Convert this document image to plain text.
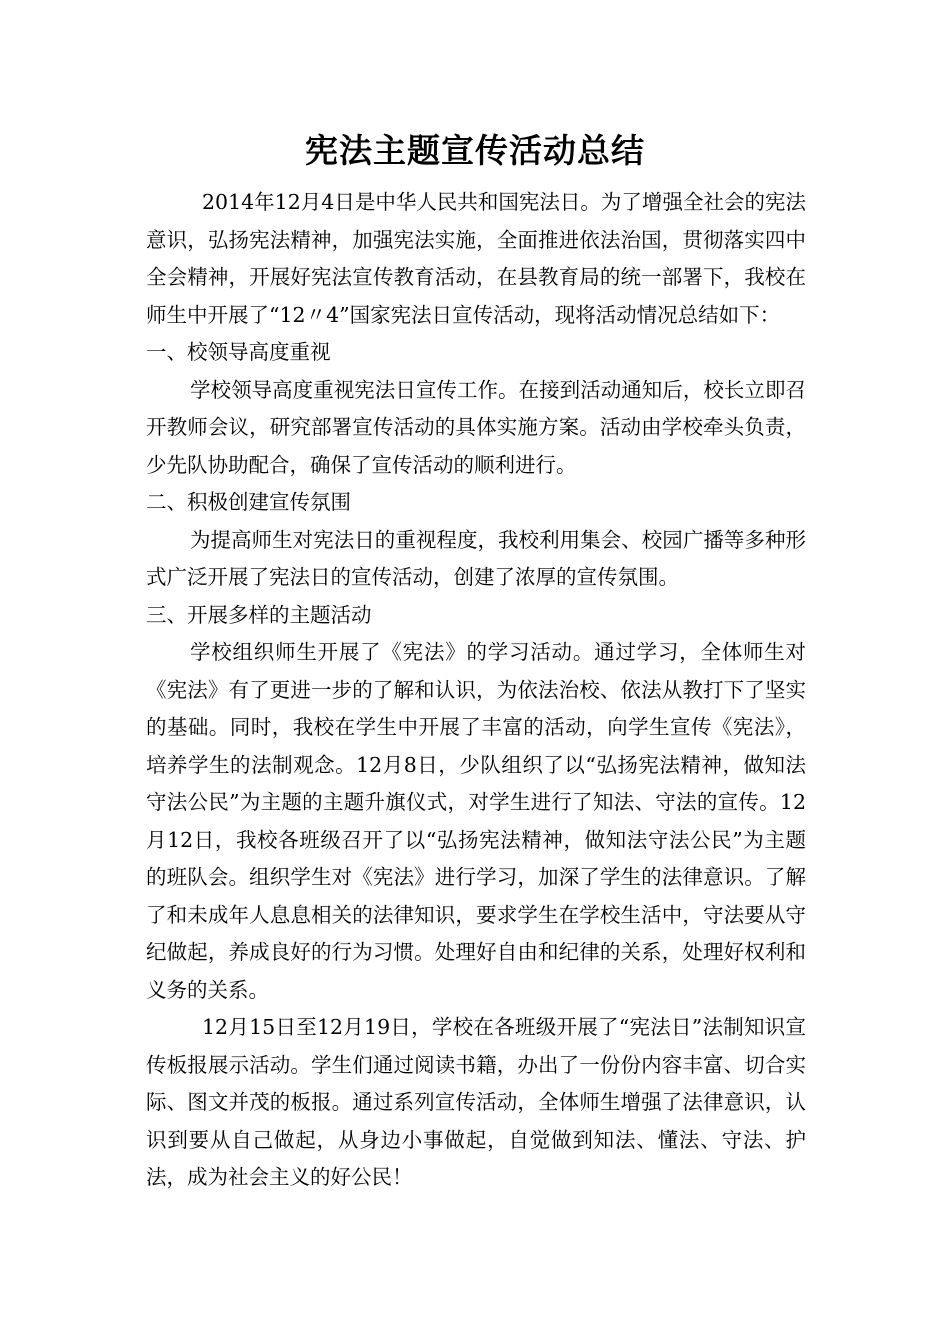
宪法主题宣传活动总结

2014年12月4日是中华人民共和国宪法日。为了增强全社会的宪法意识，弘扬宪法精神，加强宪法实施，全面推进依法治国，贯彻落实四中全会精神，开展好宪法宣传教育活动，在县教育局的统一部署下，我校在师生中开展了“12〃4”国家宪法日宣传活动，现将活动情况总结如下：

一、校领导高度重视

学校领导高度重视宪法日宣传工作。在接到活动通知后，校长立即召开教师会议，研究部署宣传活动的具体实施方案。活动由学校牵头负责，少先队协助配合，确保了宣传活动的顺利进行。

二、积极创建宣传氛围

为提高师生对宪法日的重视程度，我校利用集会、校园广播等多种形式广泛开展了宪法日的宣传活动，创建了浓厚的宣传氛围。

三、开展多样的主题活动

学校组织师生开展了《宪法》的学习活动。通过学习，全体师生对《宪法》有了更进一步的了解和认识，为依法治校、依法从教打下了坚实的基础。同时，我校在学生中开展了丰富的活动，向学生宣传《宪法》，培养学生的法制观念。12月8日，少队组织了以“弘扬宪法精神，做知法守法公民”为主题的主题升旗仪式，对学生进行了知法、守法的宣传。12月12日，我校各班级召开了以“弘扬宪法精神，做知法守法公民”为主题的班队会。组织学生对《宪法》进行学习，加深了学生的法律意识。了解了和未成年人息息相关的法律知识，要求学生在学校生活中，守法要从守纪做起，养成良好的行为习惯。处理好自由和纪律的关系，处理好权利和义务的关系。

12月15日至12月19日，学校在各班级开展了“宪法日”法制知识宣传板报展示活动。学生们通过阅读书籍，办出了一份份内容丰富、切合实际、图文并茂的板报。通过系列宣传活动，全体师生增强了法律意识，认识到要从自己做起，从身边小事做起，自觉做到知法、懂法、守法、护法，成为社会主义的好公民！
